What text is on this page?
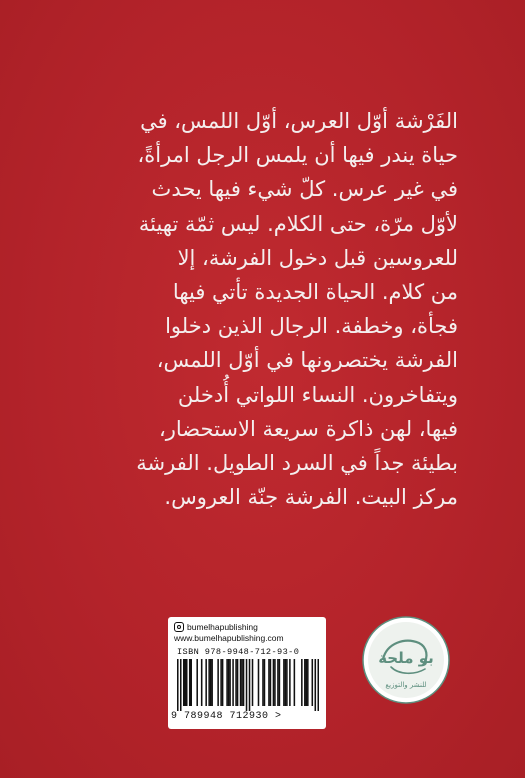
الفَرْشة أوّل العرس، أوّل اللمس، في
حياة يندر فيها أن يلمس الرجل امرأةً،
في غير عرس. كلّ شيء فيها يحدث
لأوّل مرّة، حتى الكلام. ليس ثمّة تهيئة
للعروسين قبل دخول الفرشة، إلا
من كلام. الحياة الجديدة تأتي فيها
فجأة، وخطفة. الرجال الذين دخلوا
الفرشة يختصرونها في أوّل اللمس،
ويتفاخرون. النساء اللواتي أُدخلن
فيها، لهن ذاكرة سريعة الاستحضار،
بطيئة جداً في السرد الطويل. الفرشة
مركز البيت. الفرشة جنّة العروس.
bumelhapublishing
www.bumelhapublishing.com
ISBN 978-9948-712-93-0
9 789948 712930 >
بو ملحة
للنشر والتوزيع
